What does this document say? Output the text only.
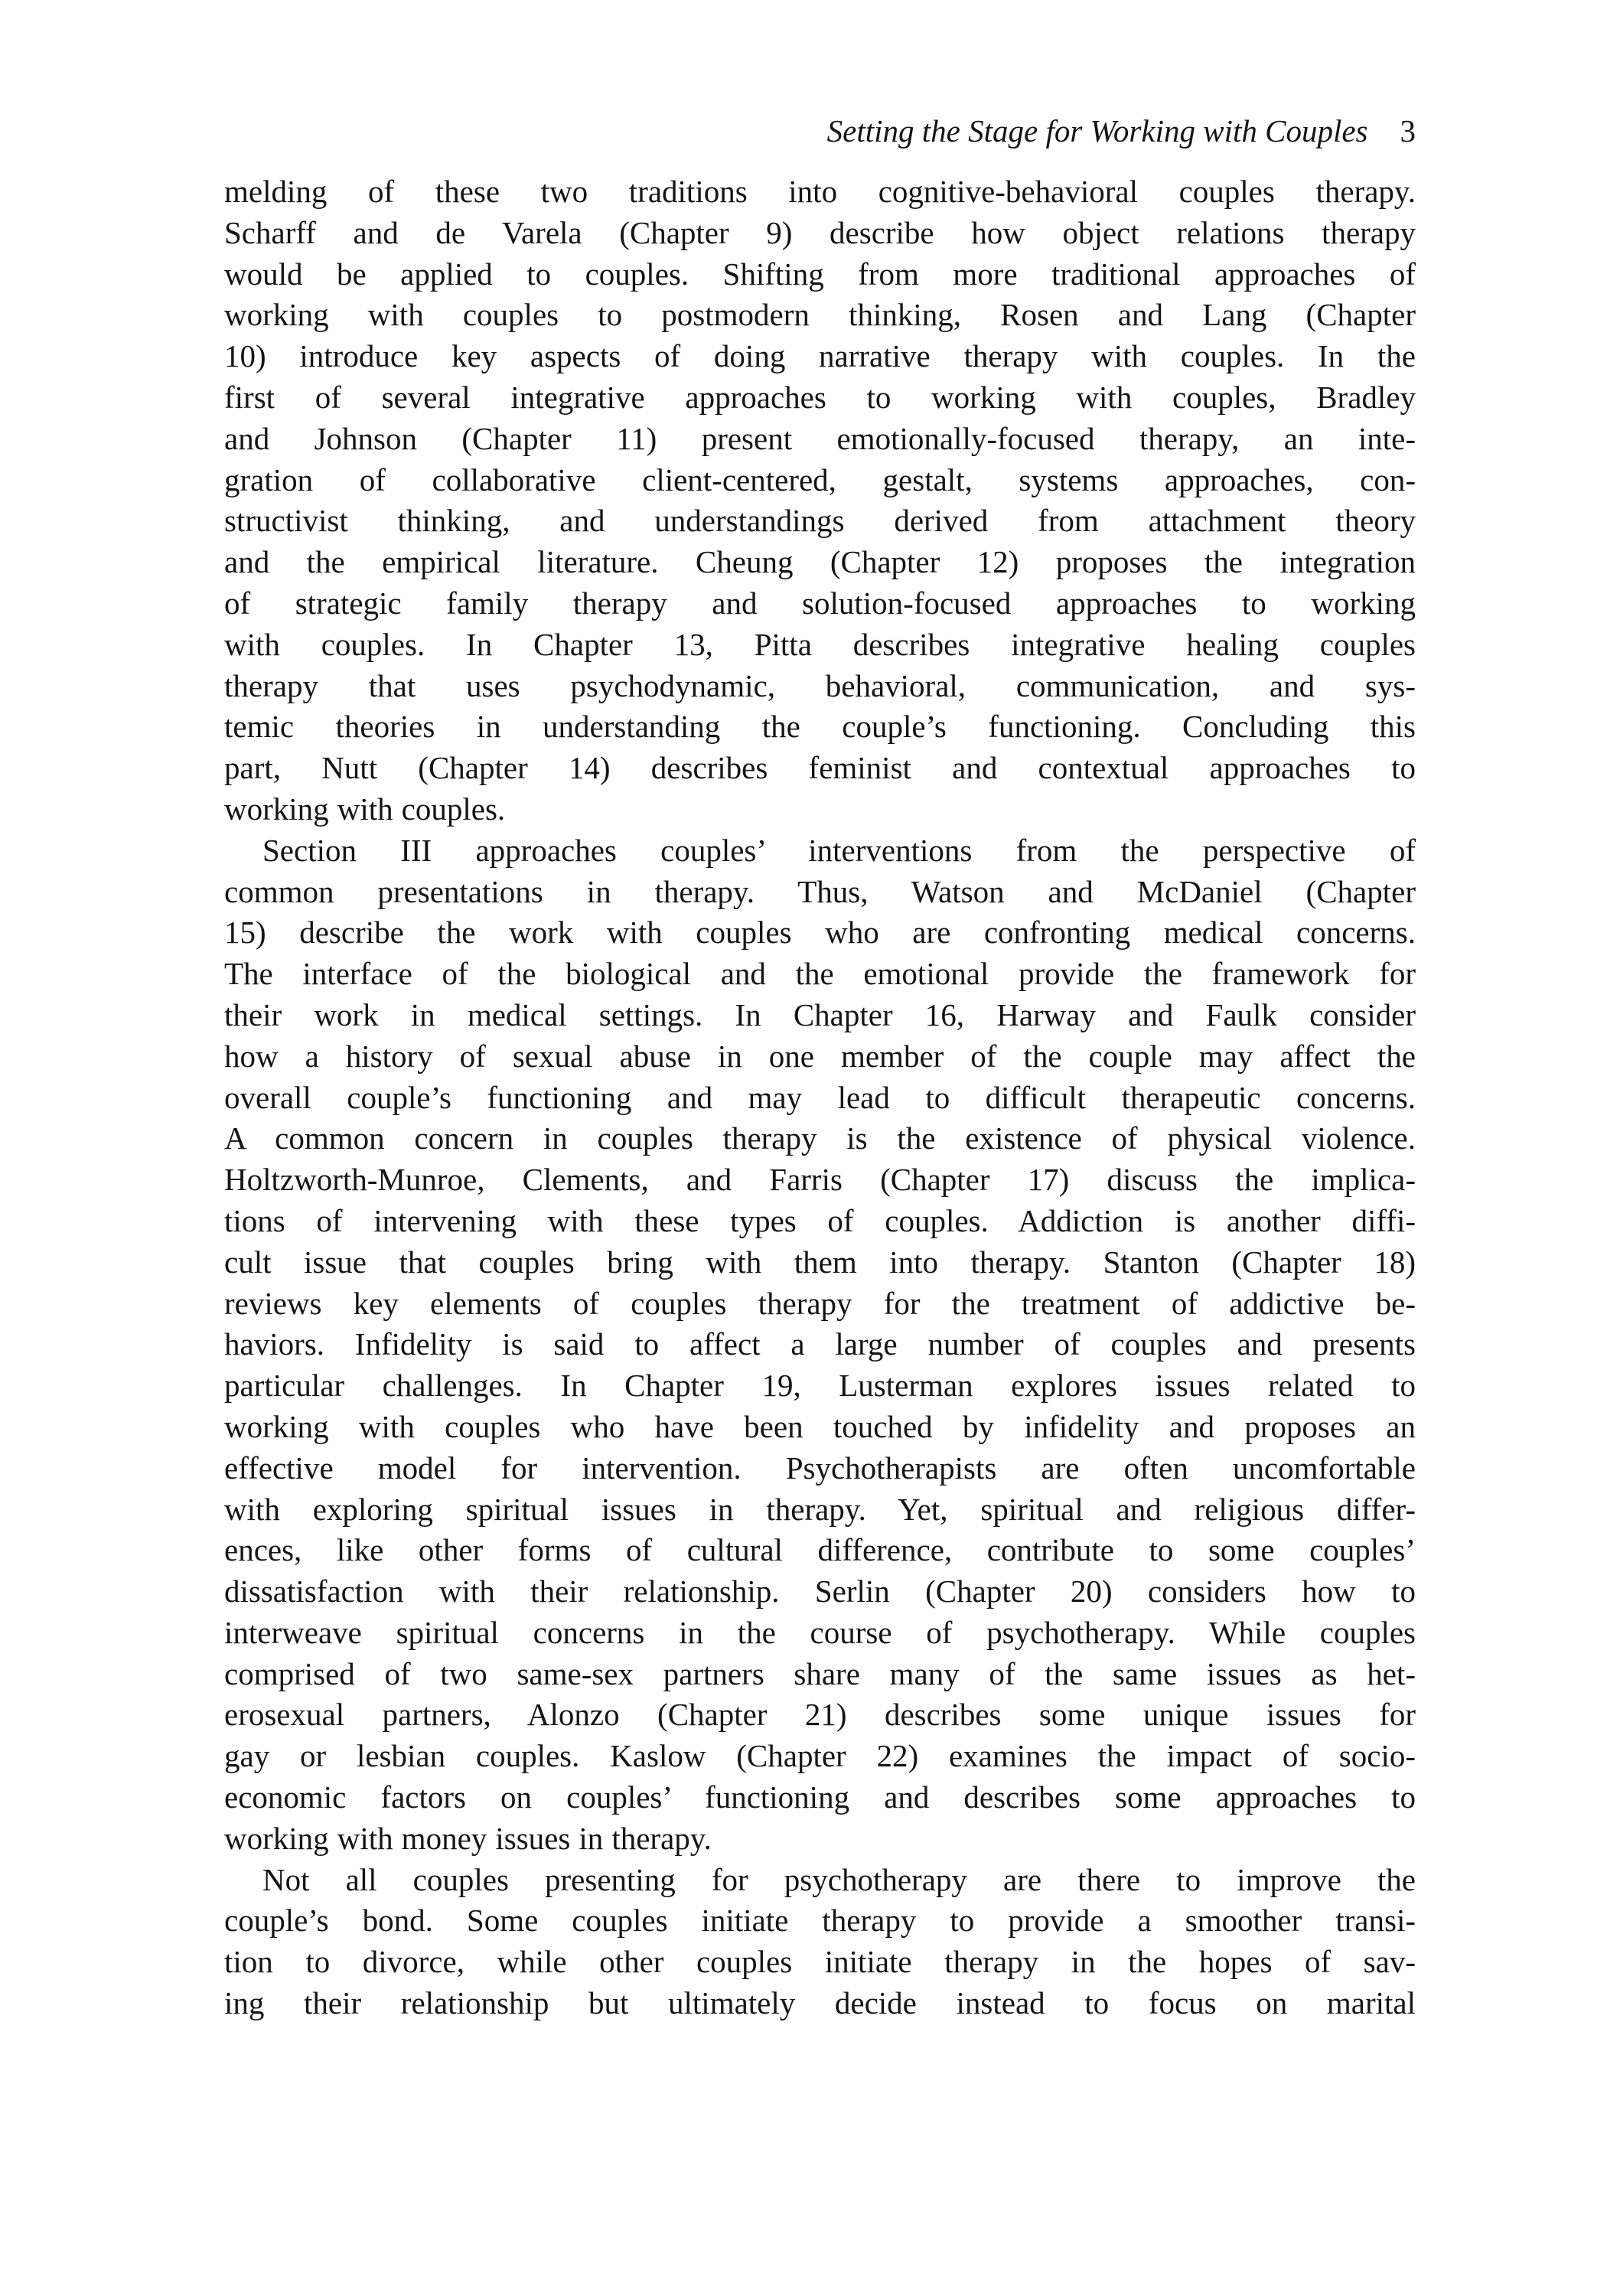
Setting the Stage for Working with Couples 3
melding of these two traditions into cognitive-behavioral couples therapy.
Scharff and de Varela (Chapter 9) describe how object relations therapy
would be applied to couples. Shifting from more traditional approaches of
working with couples to postmodern thinking, Rosen and Lang (Chapter
10) introduce key aspects of doing narrative therapy with couples. In the
first of several integrative approaches to working with couples, Bradley
and Johnson (Chapter 11) present emotionally-focused therapy, an inte-
gration of collaborative client-centered, gestalt, systems approaches, con-
structivist thinking, and understandings derived from attachment theory
and the empirical literature. Cheung (Chapter 12) proposes the integration
of strategic family therapy and solution-focused approaches to working
with couples. In Chapter 13, Pitta describes integrative healing couples
therapy that uses psychodynamic, behavioral, communication, and sys-
temic theories in understanding the couple’s functioning. Concluding this
part, Nutt (Chapter 14) describes feminist and contextual approaches to
working with couples.
Section III approaches couples’ interventions from the perspective of
common presentations in therapy. Thus, Watson and McDaniel (Chapter
15) describe the work with couples who are confronting medical concerns.
The interface of the biological and the emotional provide the framework for
their work in medical settings. In Chapter 16, Harway and Faulk consider
how a history of sexual abuse in one member of the couple may affect the
overall couple’s functioning and may lead to difficult therapeutic concerns.
A common concern in couples therapy is the existence of physical violence.
Holtzworth-Munroe, Clements, and Farris (Chapter 17) discuss the implica-
tions of intervening with these types of couples. Addiction is another diffi-
cult issue that couples bring with them into therapy. Stanton (Chapter 18)
reviews key elements of couples therapy for the treatment of addictive be-
haviors. Infidelity is said to affect a large number of couples and presents
particular challenges. In Chapter 19, Lusterman explores issues related to
working with couples who have been touched by infidelity and proposes an
effective model for intervention. Psychotherapists are often uncomfortable
with exploring spiritual issues in therapy. Yet, spiritual and religious differ-
ences, like other forms of cultural difference, contribute to some couples’
dissatisfaction with their relationship. Serlin (Chapter 20) considers how to
interweave spiritual concerns in the course of psychotherapy. While couples
comprised of two same-sex partners share many of the same issues as het-
erosexual partners, Alonzo (Chapter 21) describes some unique issues for
gay or lesbian couples. Kaslow (Chapter 22) examines the impact of socio-
economic factors on couples’ functioning and describes some approaches to
working with money issues in therapy.
Not all couples presenting for psychotherapy are there to improve the
couple’s bond. Some couples initiate therapy to provide a smoother transi-
tion to divorce, while other couples initiate therapy in the hopes of sav-
ing their relationship but ultimately decide instead to focus on marital
